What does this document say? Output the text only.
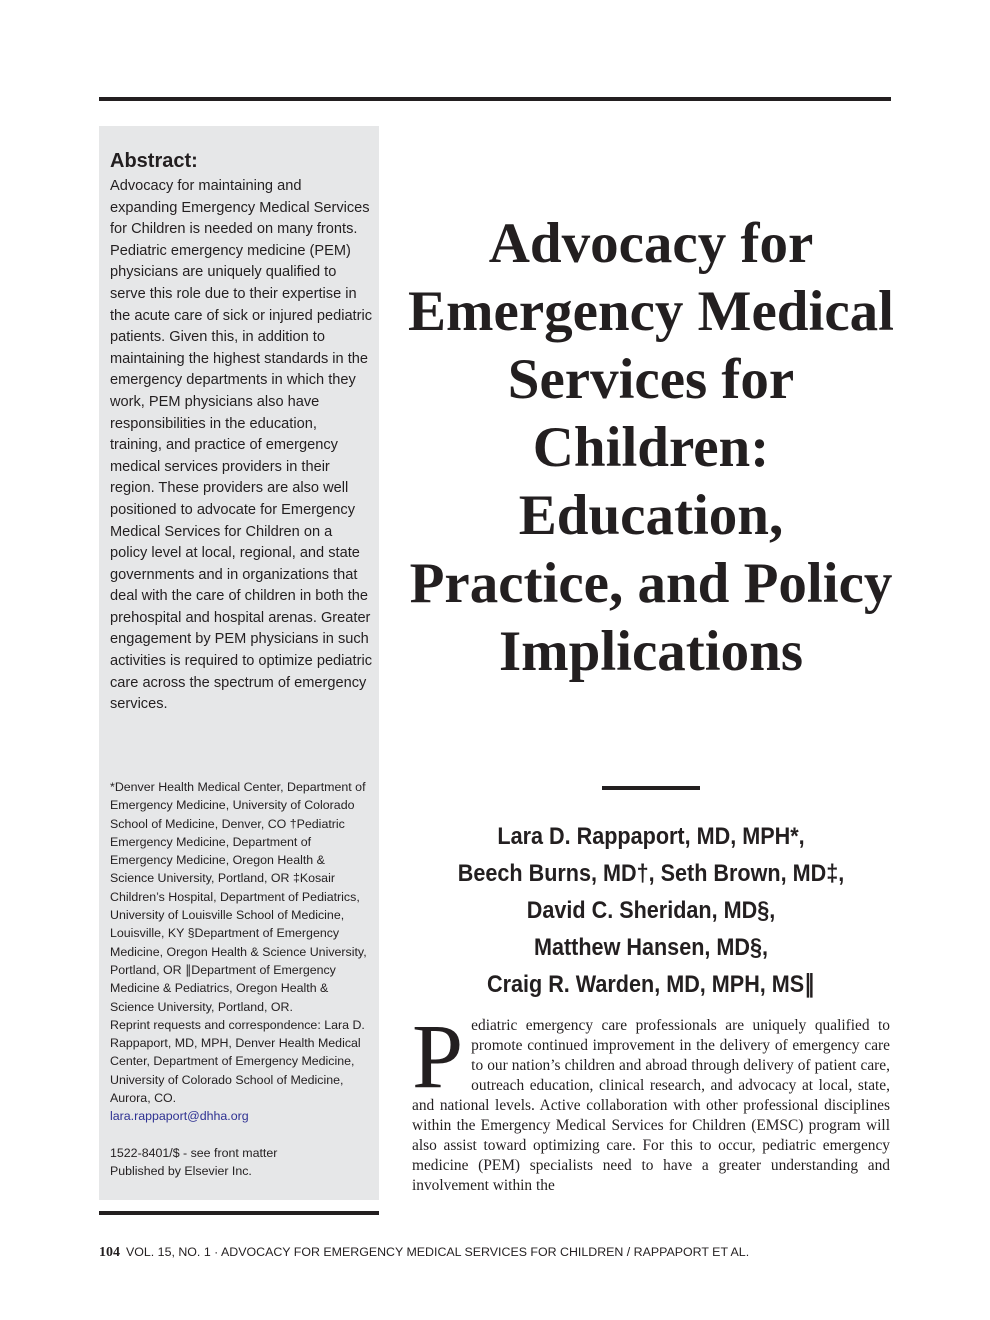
Abstract:
Advocacy for maintaining and expanding Emergency Medical Services for Children is needed on many fronts. Pediatric emergency medicine (PEM) physicians are uniquely qualified to serve this role due to their expertise in the acute care of sick or injured pediatric patients. Given this, in addition to maintaining the highest standards in the emergency departments in which they work, PEM physicians also have responsibilities in the education, training, and practice of emergency medical services providers in their region. These providers are also well positioned to advocate for Emergency Medical Services for Children on a policy level at local, regional, and state governments and in organizations that deal with the care of children in both the prehospital and hospital arenas. Greater engagement by PEM physicians in such activities is required to optimize pediatric care across the spectrum of emergency services.

*Denver Health Medical Center, Department of Emergency Medicine, University of Colorado School of Medicine, Denver, CO †Pediatric Emergency Medicine, Department of Emergency Medicine, Oregon Health & Science University, Portland, OR ‡Kosair Children’s Hospital, Department of Pediatrics, University of Louisville School of Medicine, Louisville, KY §Department of Emergency Medicine, Oregon Health & Science University, Portland, OR ∥Department of Emergency Medicine & Pediatrics, Oregon Health & Science University, Portland, OR.

Reprint requests and correspondence: Lara D. Rappaport, MD, MPH, Denver Health Medical Center, Department of Emergency Medicine, University of Colorado School of Medicine, Aurora, CO.

lara.rappaport@dhha.org

1522-8401/$ - see front matter

Published by Elsevier Inc.

Advocacy for Emergency Medical Services for Children: Education, Practice, and Policy Implications
Lara D. Rappaport, MD, MPH*,
Beech Burns, MD†, Seth Brown, MD‡,
David C. Sheridan, MD§,
Matthew Hansen, MD§,
Craig R. Warden, MD, MPH, MS∥

Pediatric emergency care professionals are uniquely qualified to promote continued improvement in the delivery of emergency care to our nation’s children and abroad through delivery of patient care, outreach education, clinical research, and advocacy at local, state, and national levels. Active collaboration with other professional disciplines within the Emergency Medical Services for Children (EMSC) program will also assist toward optimizing care. For this to occur, pediatric emergency medicine (PEM) specialists need to have a greater understanding and involvement within the

104 VOL. 15, NO. 1 · ADVOCACY FOR EMERGENCY MEDICAL SERVICES FOR CHILDREN / RAPPAPORT ET AL.
